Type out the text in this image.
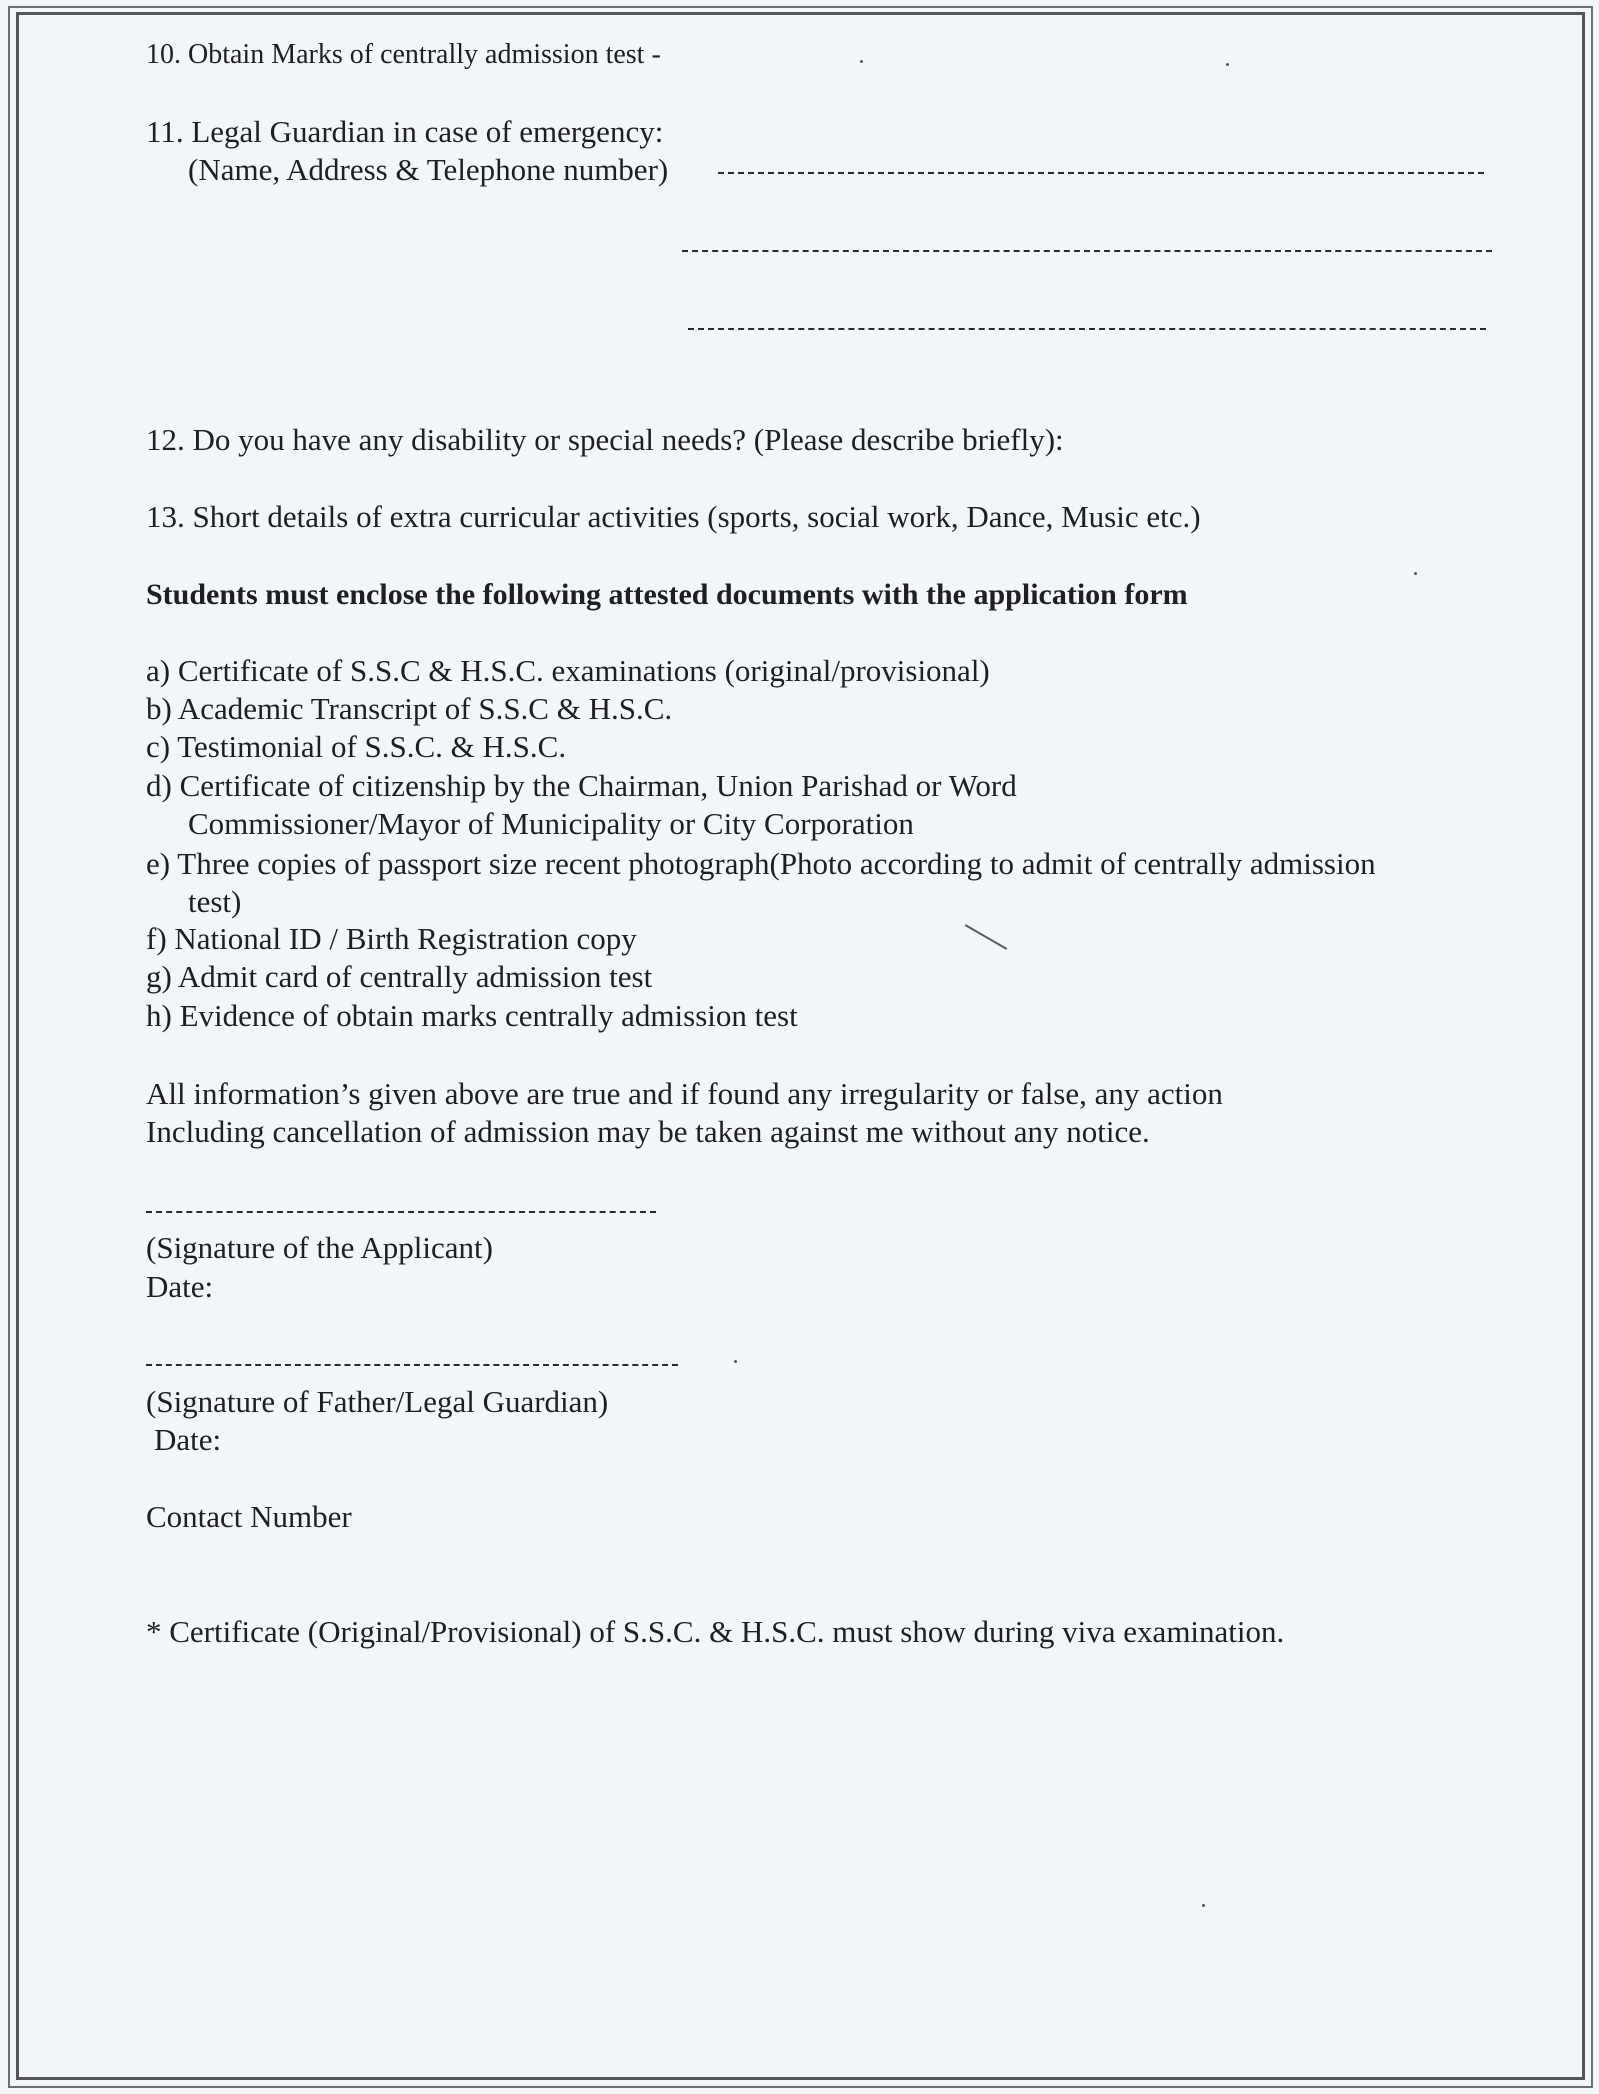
10. Obtain Marks of centrally admission test -
11. Legal Guardian in case of emergency:
(Name, Address & Telephone number)
12. Do you have any disability or special needs? (Please describe briefly):
13. Short details of extra curricular activities (sports, social work, Dance, Music etc.)
Students must enclose the following attested documents with the application form
a) Certificate of S.S.C & H.S.C. examinations (original/provisional)
b) Academic Transcript of S.S.C & H.S.C.
c) Testimonial of S.S.C. & H.S.C.
d) Certificate of citizenship by the Chairman, Union Parishad or Word
Commissioner/Mayor of Municipality or City Corporation
e) Three copies of passport size recent photograph(Photo according to admit of centrally admission
test)
f) National ID / Birth Registration copy
g) Admit card of centrally admission test
h) Evidence of obtain marks centrally admission test
All information’s given above are true and if found any irregularity or false, any action
Including cancellation of admission may be taken against me without any notice.
(Signature of the Applicant)
Date:
(Signature of Father/Legal Guardian)
Date:
Contact Number
* Certificate (Original/Provisional) of S.S.C. & H.S.C. must show during viva examination.
